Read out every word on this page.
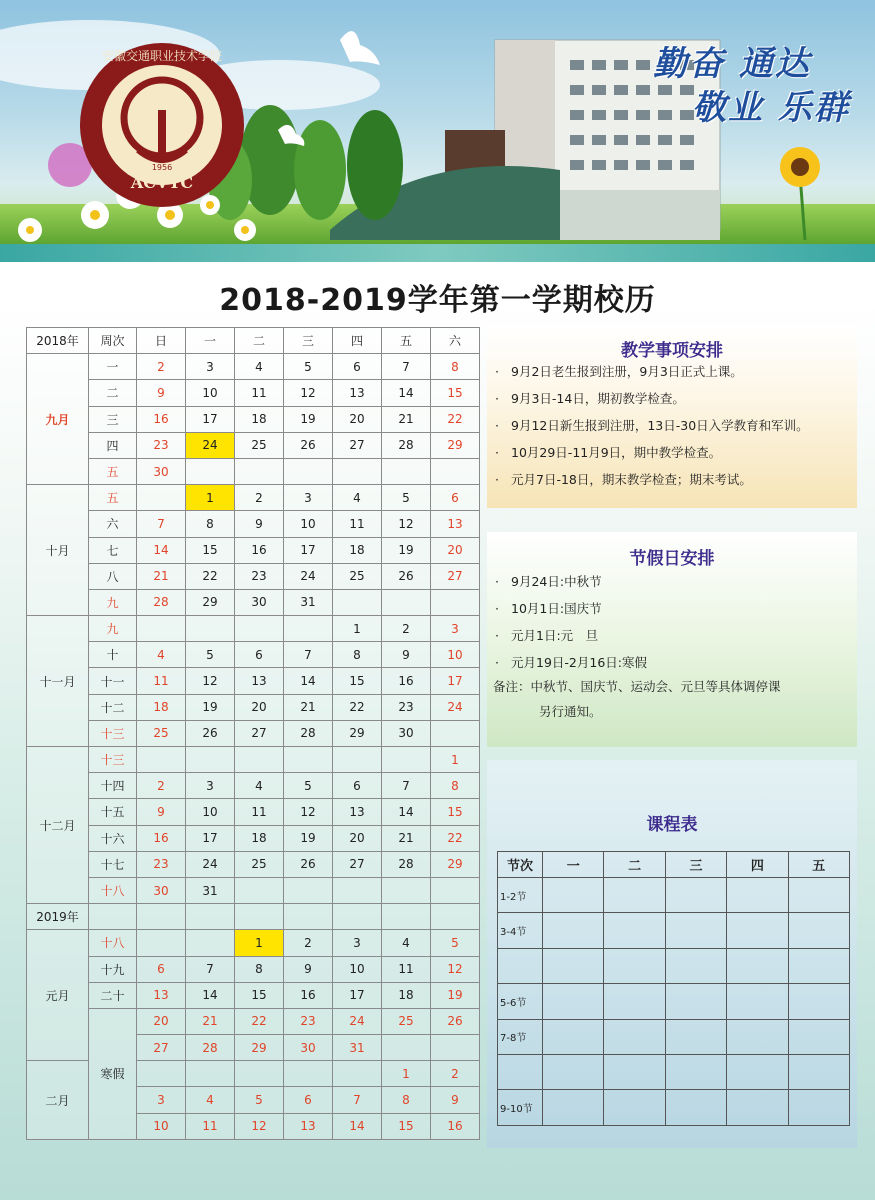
ACVTC
1956
安徽交通职业技术学院	勤奋 通达
敬业 乐群
2018-2019学年第一学期校历
2018年	周次	日	一	二	三	四	五	六
九月	一	2	3	4	5	6	7	8
	二	9	10	11	12	13	14	15
	三	16	17	18	19	20	21	22
	四	23	24	25	26	27	28	29
	五	30						
十月	五		1	2	3	4	5	6
	六	7	8	9	10	11	12	13
	七	14	15	16	17	18	19	20
	八	21	22	23	24	25	26	27
	九	28	29	30	31			
十一月	九					1	2	3
	十	4	5	6	7	8	9	10
	十一	11	12	13	14	15	16	17
	十二	18	19	20	21	22	23	24
	十三	25	26	27	28	29	30	
十二月	十三							1
	十四	2	3	4	5	6	7	8
	十五	9	10	11	12	13	14	15
	十六	16	17	18	19	20	21	22
	十七	23	24	25	26	27	28	29
	十八	30	31					
2019年								
元月	十八			1	2	3	4	5
	十九	6	7	8	9	10	11	12
	二十	13	14	15	16	17	18	19
	寒假	20	21	22	23	24	25	26
		27	28	29	30	31		
二月							1	2
		3	4	5	6	7	8	9
		10	11	12	13	14	15	16
教学事项安排
· 9月2日老生报到注册，9月3日正式上课。
· 9月3日-14日，期初教学检查。
· 9月12日新生报到注册，13日-30日入学教育和军训。
· 10月29日-11月9日，期中教学检查。
· 元月7日-18日，期末教学检查；期末考试。
节假日安排
· 9月24日:中秋节
· 10月1日:国庆节
· 元月1日:元　旦
· 元月19日-2月16日:寒假
备注：中秋节、国庆节、运动会、元旦等具体调停课
另行通知。
课程表
节次	一	二	三	四	五
1-2节					
3-4节					

5-6节					
7-8节					

9-10节					
